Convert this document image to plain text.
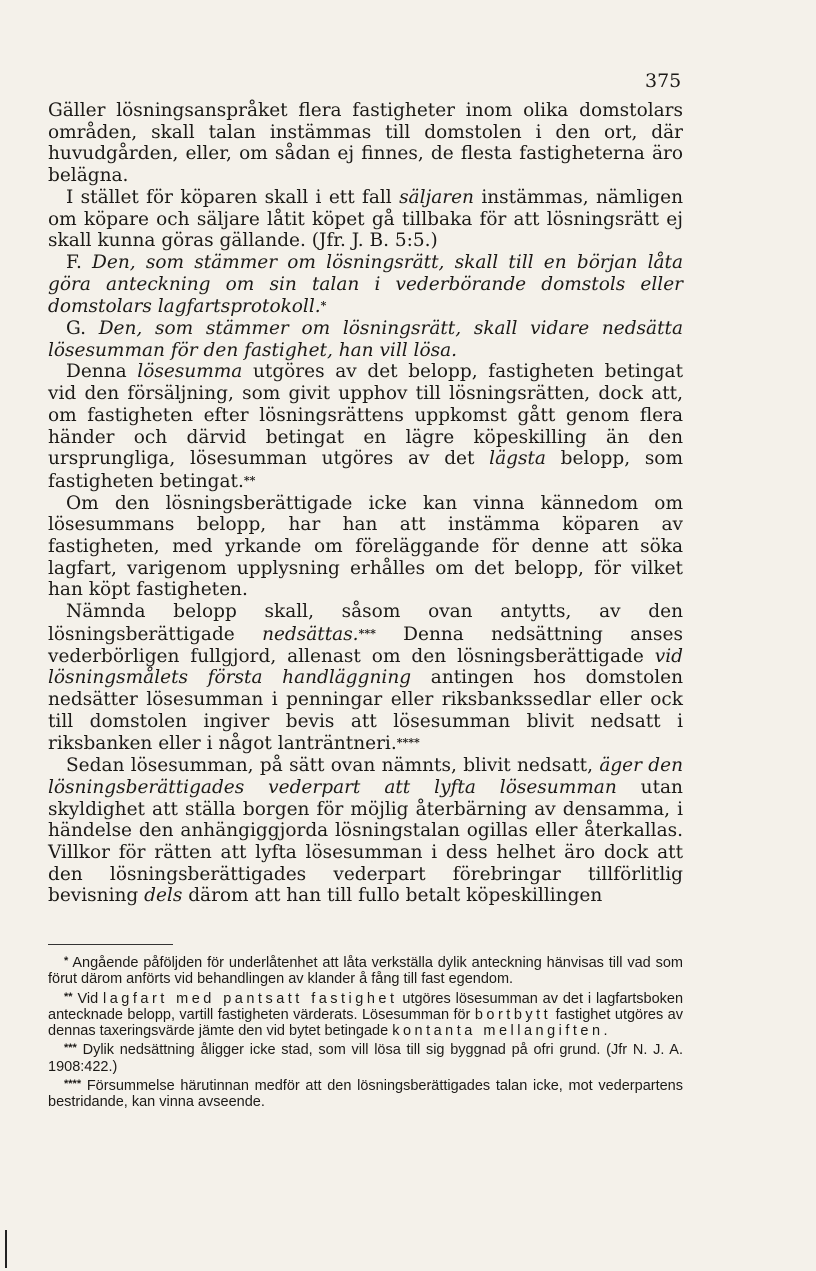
375

Gäller lösningsanspråket flera fastigheter inom olika domstolars områden, skall talan instämmas till domstolen i den ort, där huvudgården, eller, om sådan ej finnes, de flesta fastigheterna äro belägna.

I stället för köparen skall i ett fall säljaren instämmas, nämligen om köpare och säljare låtit köpet gå tillbaka för att lösningsrätt ej skall kunna göras gällande. (Jfr. J. B. 5:5.)

F. Den, som stämmer om lösningsrätt, skall till en början låta göra anteckning om sin talan i vederbörande domstols eller domstolars lagfartsprotokoll.*

G. Den, som stämmer om lösningsrätt, skall vidare nedsätta lösesumman för den fastighet, han vill lösa.

Denna lösesumma utgöres av det belopp, fastigheten betingat vid den försäljning, som givit upphov till lösningsrätten, dock att, om fastigheten efter lösningsrättens uppkomst gått genom flera händer och därvid betingat en lägre köpeskilling än den ursprungliga, lösesumman utgöres av det lägsta belopp, som fastigheten betingat.**

Om den lösningsberättigade icke kan vinna kännedom om lösesummans belopp, har han att instämma köparen av fastigheten, med yrkande om föreläggande för denne att söka lagfart, varigenom upplysning erhålles om det belopp, för vilket han köpt fastigheten.

Nämnda belopp skall, såsom ovan antytts, av den lösningsberättigade nedsättas.*** Denna nedsättning anses vederbörligen fullgjord, allenast om den lösningsberättigade vid lösningsmålets första handläggning antingen hos domstolen nedsätter lösesumman i penningar eller riksbankssedlar eller ock till domstolen ingiver bevis att lösesumman blivit nedsatt i riksbanken eller i något lanträntneri.****

Sedan lösesumman, på sätt ovan nämnts, blivit nedsatt, äger den lösningsberättigades vederpart att lyfta lösesumman utan skyldighet att ställa borgen för möjlig återbärning av densamma, i händelse den anhängiggjorda lösningstalan ogillas eller återkallas. Villkor för rätten att lyfta lösesumman i dess helhet äro dock att den lösningsberättigades vederpart förebringar tillförlitlig bevisning dels därom att han till fullo betalt köpeskillingen

* Angående påföljden för underlåtenhet att låta verkställa dylik anteckning hänvisas till vad som förut därom anförts vid behandlingen av klander å fång till fast egendom.

** Vid lagfart med pantsatt fastighet utgöres lösesumman av det i lagfartsboken antecknade belopp, vartill fastigheten värderats. Lösesumman för bortbytt fastighet utgöres av dennas taxeringsvärde jämte den vid bytet betingade kontanta mellangiften.

*** Dylik nedsättning åligger icke stad, som vill lösa till sig byggnad på ofri grund. (Jfr N. J. A. 1908:422.)

**** Försummelse härutinnan medför att den lösningsberättigades talan icke, mot vederpartens bestridande, kan vinna avseende.
